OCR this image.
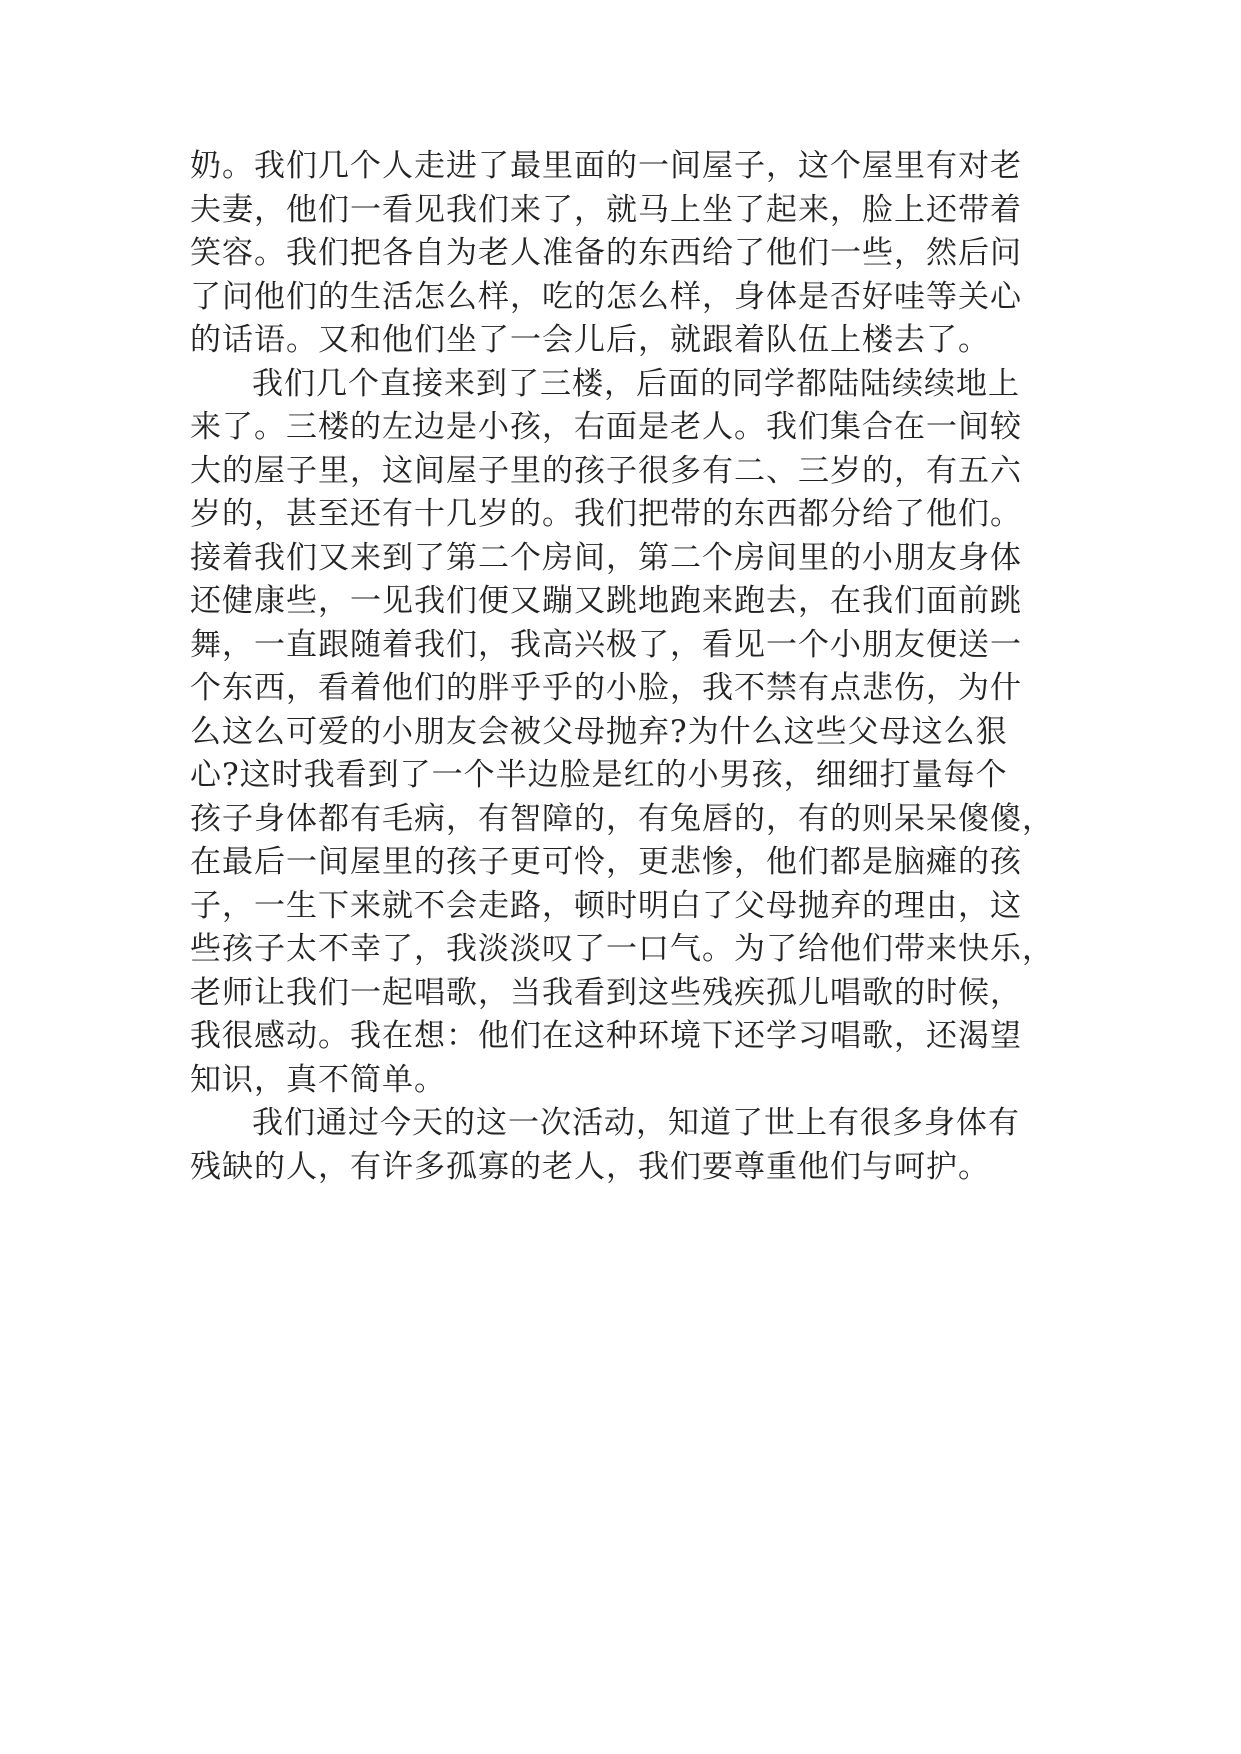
奶。我们几个人走进了最里面的一间屋子，这个屋里有对老
夫妻，他们一看见我们来了，就马上坐了起来，脸上还带着
笑容。我们把各自为老人准备的东西给了他们一些，然后问
了问他们的生活怎么样，吃的怎么样，身体是否好哇等关心
的话语。又和他们坐了一会儿后，就跟着队伍上楼去了。
我们几个直接来到了三楼，后面的同学都陆陆续续地上
来了。三楼的左边是小孩，右面是老人。我们集合在一间较
大的屋子里，这间屋子里的孩子很多有二、三岁的，有五六
岁的，甚至还有十几岁的。我们把带的东西都分给了他们。
接着我们又来到了第二个房间，第二个房间里的小朋友身体
还健康些，一见我们便又蹦又跳地跑来跑去，在我们面前跳
舞，一直跟随着我们，我高兴极了，看见一个小朋友便送一
个东西，看着他们的胖乎乎的小脸，我不禁有点悲伤，为什
么这么可爱的小朋友会被父母抛弃?为什么这些父母这么狠
心?这时我看到了一个半边脸是红的小男孩，细细打量每个
孩子身体都有毛病，有智障的，有兔唇的，有的则呆呆傻傻，
在最后一间屋里的孩子更可怜，更悲惨，他们都是脑瘫的孩
子，一生下来就不会走路，顿时明白了父母抛弃的理由，这
些孩子太不幸了，我淡淡叹了一口气。为了给他们带来快乐，
老师让我们一起唱歌，当我看到这些残疾孤儿唱歌的时候，
我很感动。我在想：他们在这种环境下还学习唱歌，还渴望
知识，真不简单。
我们通过今天的这一次活动，知道了世上有很多身体有
残缺的人，有许多孤寡的老人，我们要尊重他们与呵护。
